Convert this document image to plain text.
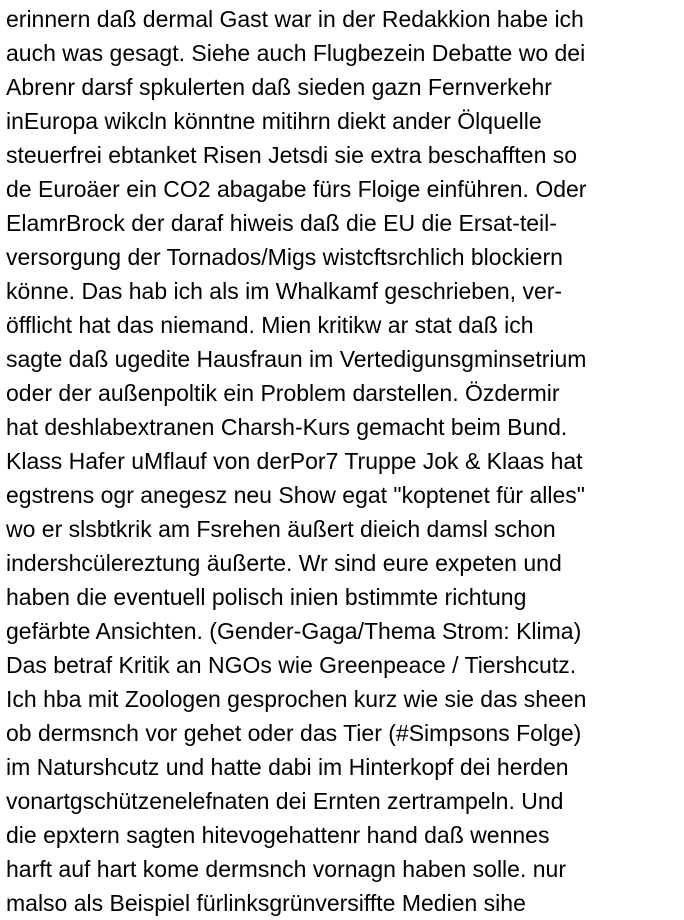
erinnern daß dermal Gast war in der Redakkion habe ich
auch was gesagt. Siehe auch Flugbezein Debatte wo dei
Abrenr darsf spkulerten daß sieden gazn Fernverkehr
inEuropa wikcln könntne mitihrn diekt ander Ölquelle
steuerfrei ebtanket Risen Jetsdi sie extra beschafften so
de Euroäer ein CO2 abagabe fürs Floige einführen. Oder
ElamrBrock der daraf hiweis daß die EU die Ersat-teil-
versorgung der Tornados/Migs wistcftsrchlich blockiern
könne. Das hab ich als im Whalkamf geschrieben, ver-
öfflicht hat das niemand. Mien kritikw ar stat daß ich
sagte daß ugedite Hausfraun im Vertedigunsgminsetrium
oder der außenpoltik ein Problem darstellen. Özdermir
hat deshlabextranen Charsh-Kurs gemacht beim Bund.
Klass Hafer uMflauf von derPor7 Truppe Jok & Klaas hat
egstrens ogr anegesz neu Show egat "koptenet für alles"
wo er slsbtkrik am Fsrehen äußert dieich damsl schon
indershcülereztung äußerte. Wr sind eure expeten und
haben die eventuell polisch inien bstimmte richtung
gefärbte Ansichten. (Gender-Gaga/Thema Strom: Klima)
Das betraf Kritik an NGOs wie Greenpeace / Tiershcutz.
Ich hba mit Zoologen gesprochen kurz wie sie das sheen
ob dermsnch vor gehet oder das Tier (#Simpsons Folge)
im Naturshcutz und hatte dabi im Hinterkopf dei herden
vonartgschützenelefnaten dei Ernten zertrampeln. Und
die epxtern sagten hitevogehattenr hand daß wennes
harft auf hart kome dermsnch vornagn haben solle. nur
malso als Beispiel fürlinksgrünversiffte Medien sihe
